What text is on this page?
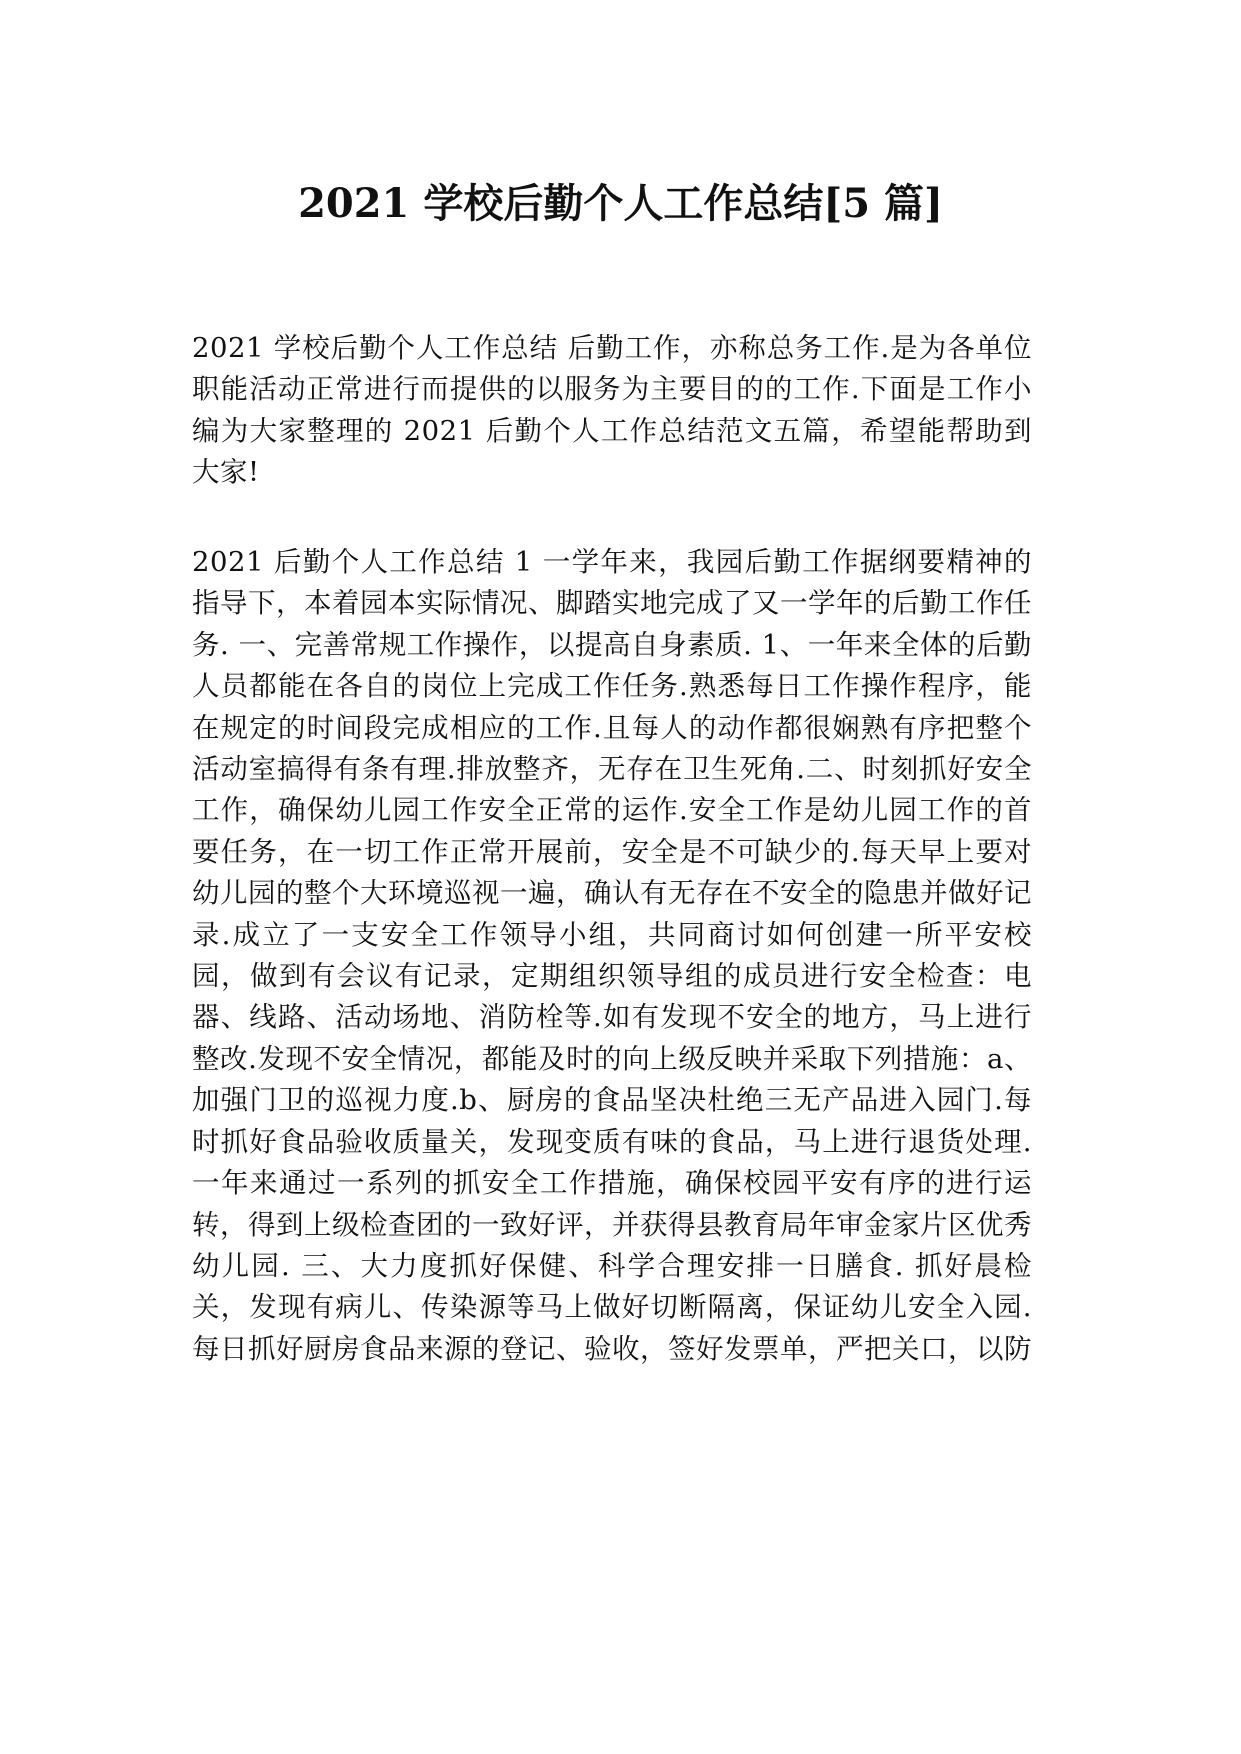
2021 学校后勤个人工作总结[5 篇]

2021 学校后勤个人工作总结 后勤工作，亦称总务工作.是为各单位职能活动正常进行而提供的以服务为主要目的的工作.下面是工作小编为大家整理的 2021 后勤个人工作总结范文五篇，希望能帮助到大家!

2021 后勤个人工作总结 1 一学年来，我园后勤工作据纲要精神的指导下，本着园本实际情况、脚踏实地完成了又一学年的后勤工作任务. 一、完善常规工作操作，以提高自身素质. 1、一年来全体的后勤人员都能在各自的岗位上完成工作任务.熟悉每日工作操作程序，能在规定的时间段完成相应的工作.且每人的动作都很娴熟有序把整个活动室搞得有条有理.排放整齐，无存在卫生死角.二、时刻抓好安全工作，确保幼儿园工作安全正常的运作.安全工作是幼儿园工作的首要任务，在一切工作正常开展前，安全是不可缺少的.每天早上要对幼儿园的整个大环境巡视一遍，确认有无存在不安全的隐患并做好记录.成立了一支安全工作领导小组，共同商讨如何创建一所平安校园，做到有会议有记录，定期组织领导组的成员进行安全检查：电器、线路、活动场地、消防栓等.如有发现不安全的地方，马上进行整改.发现不安全情况，都能及时的向上级反映并采取下列措施：a、加强门卫的巡视力度.b、厨房的食品坚决杜绝三无产品进入园门.每时抓好食品验收质量关，发现变质有味的食品，马上进行退货处理.一年来通过一系列的抓安全工作措施，确保校园平安有序的进行运转，得到上级检查团的一致好评，并获得县教育局年审金家片区优秀幼儿园. 三、大力度抓好保健、科学合理安排一日膳食. 抓好晨检关，发现有病儿、传染源等马上做好切断隔离，保证幼儿安全入园.每日抓好厨房食品来源的登记、验收，签好发票单，严把关口，以防
